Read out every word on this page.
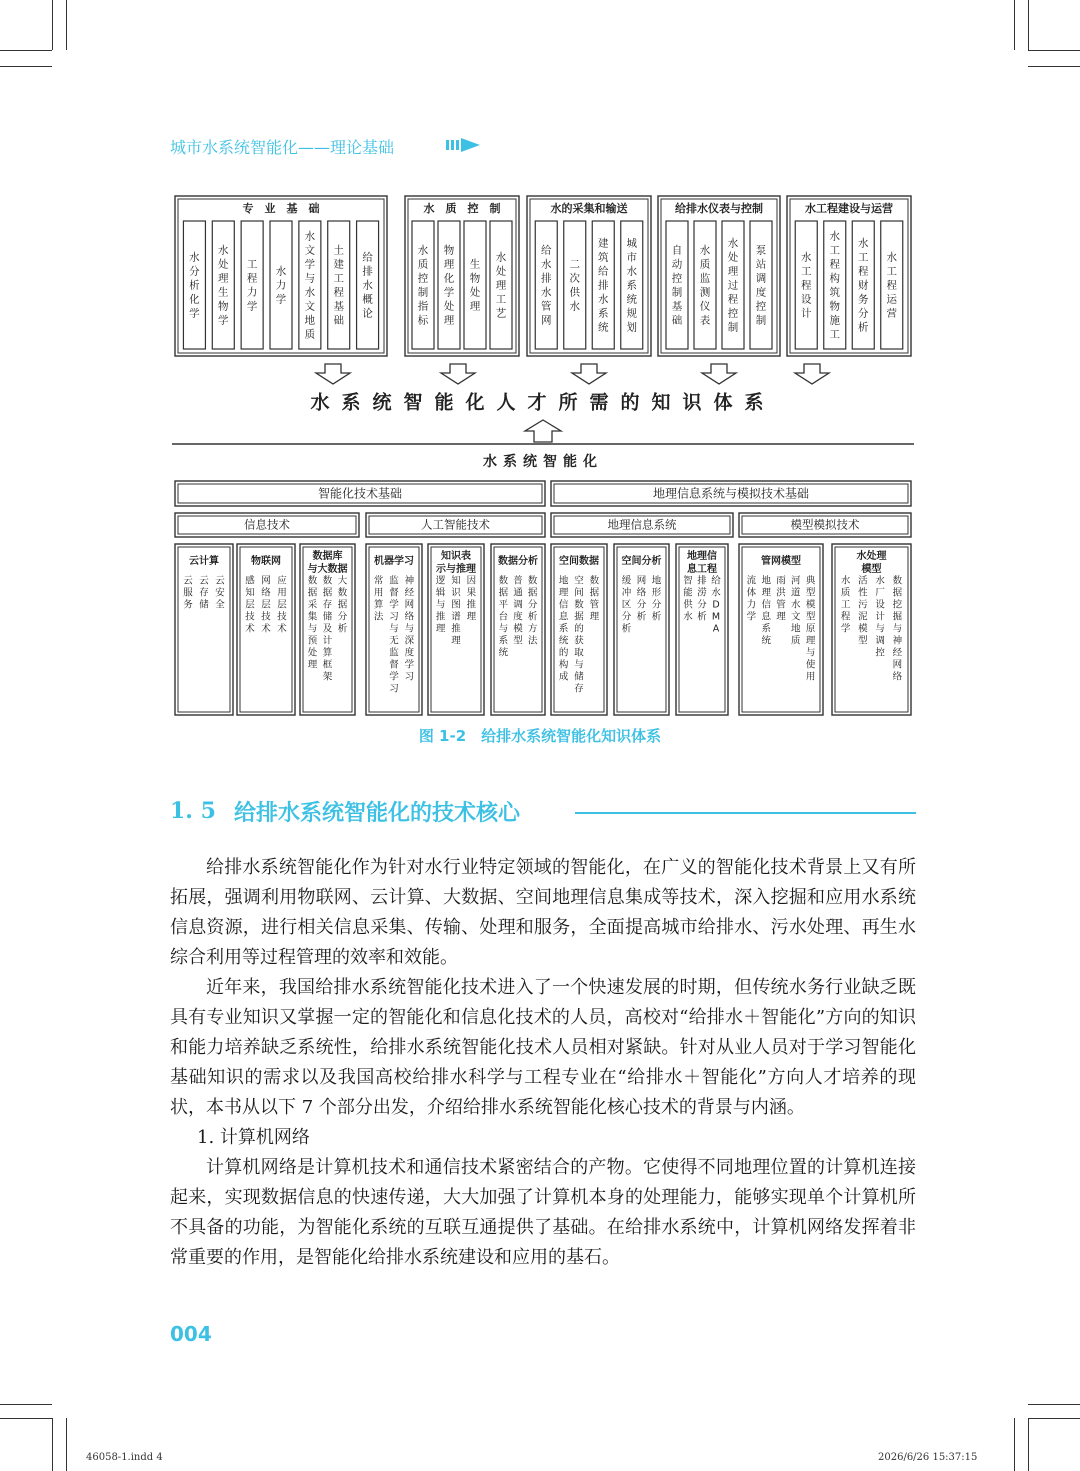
城市水系统智能化——理论基础
专　业　基　础
水分析化学
水处理生物学
工程力学
水力学
水文学与水文地质
土建工程基础
给排水概论
水　质　控　制
水质控制指标
物理化学处理
生物处理
水处理工艺
水的采集和输送
给水排水管网
二次供水
建筑给排水系统
城市水系统规划
给排水仪表与控制
自动控制基础
水质监测仪表
水处理过程控制
泵站调度控制
水工程建设与运营
水工程设计
水工程构筑物施工
水工程财务分析
水工程运营
水系统智能化人才所需的知识体系
水系统智能化
智能化技术基础	地理信息系统与模拟技术基础
信息技术	人工智能技术	地理信息系统	模型模拟技术
云计算
云服务
云存储
云安全
物联网
感知层技术
网络层技术
应用层技术
数据库
与大数据
数据采集与预处理
数据存储及计算框架
大数据分析
机器学习
常用算法
监督学习与无监督学习
神经网络与深度学习
知识表
示与推理
逻辑与推理
知识图谱推理
因果推理
数据分析
数据平台与系统
普通调度模型
数据分析方法
空间数据
地理信息系统的构成
空间数据的获取与储存
数据管理
空间分析
缓冲区分析
网络分析
地形分析
地理信
息工程
智能供水
排涝分析
给水 D M A
管网模型
流体力学
地理信息系统
雨洪管理
河道水文地质
典型模型原理与使用
水处理
模型
水质工程学
活性污泥模型
水厂设计与调控
数据挖掘与神经网络
图 1-2　给排水系统智能化知识体系
1. 5 给排水系统智能化的技术核心

给排水系统智能化作为针对水行业特定领域的智能化，在广义的智能化技术背景上又有所拓展，强调利用物联网、云计算、大数据、空间地理信息集成等技术，深入挖掘和应用水系统信息资源，进行相关信息采集、传输、处理和服务，全面提高城市给排水、污水处理、再生水综合利用等过程管理的效率和效能。

近年来，我国给排水系统智能化技术进入了一个快速发展的时期，但传统水务行业缺乏既具有专业知识又掌握一定的智能化和信息化技术的人员，高校对“给排水＋智能化”方向的知识和能力培养缺乏系统性，给排水系统智能化技术人员相对紧缺。针对从业人员对于学习智能化基础知识的需求以及我国高校给排水科学与工程专业在“给排水＋智能化”方向人才培养的现状，本书从以下 7 个部分出发，介绍给排水系统智能化核心技术的背景与内涵。

1. 计算机网络

计算机网络是计算机技术和通信技术紧密结合的产物。它使得不同地理位置的计算机连接起来，实现数据信息的快速传递，大大加强了计算机本身的处理能力，能够实现单个计算机所不具备的功能，为智能化系统的互联互通提供了基础。在给排水系统中，计算机网络发挥着非常重要的作用，是智能化给排水系统建设和应用的基石。

004
46058-1.indd 4	2026/6/26 15:37:15
